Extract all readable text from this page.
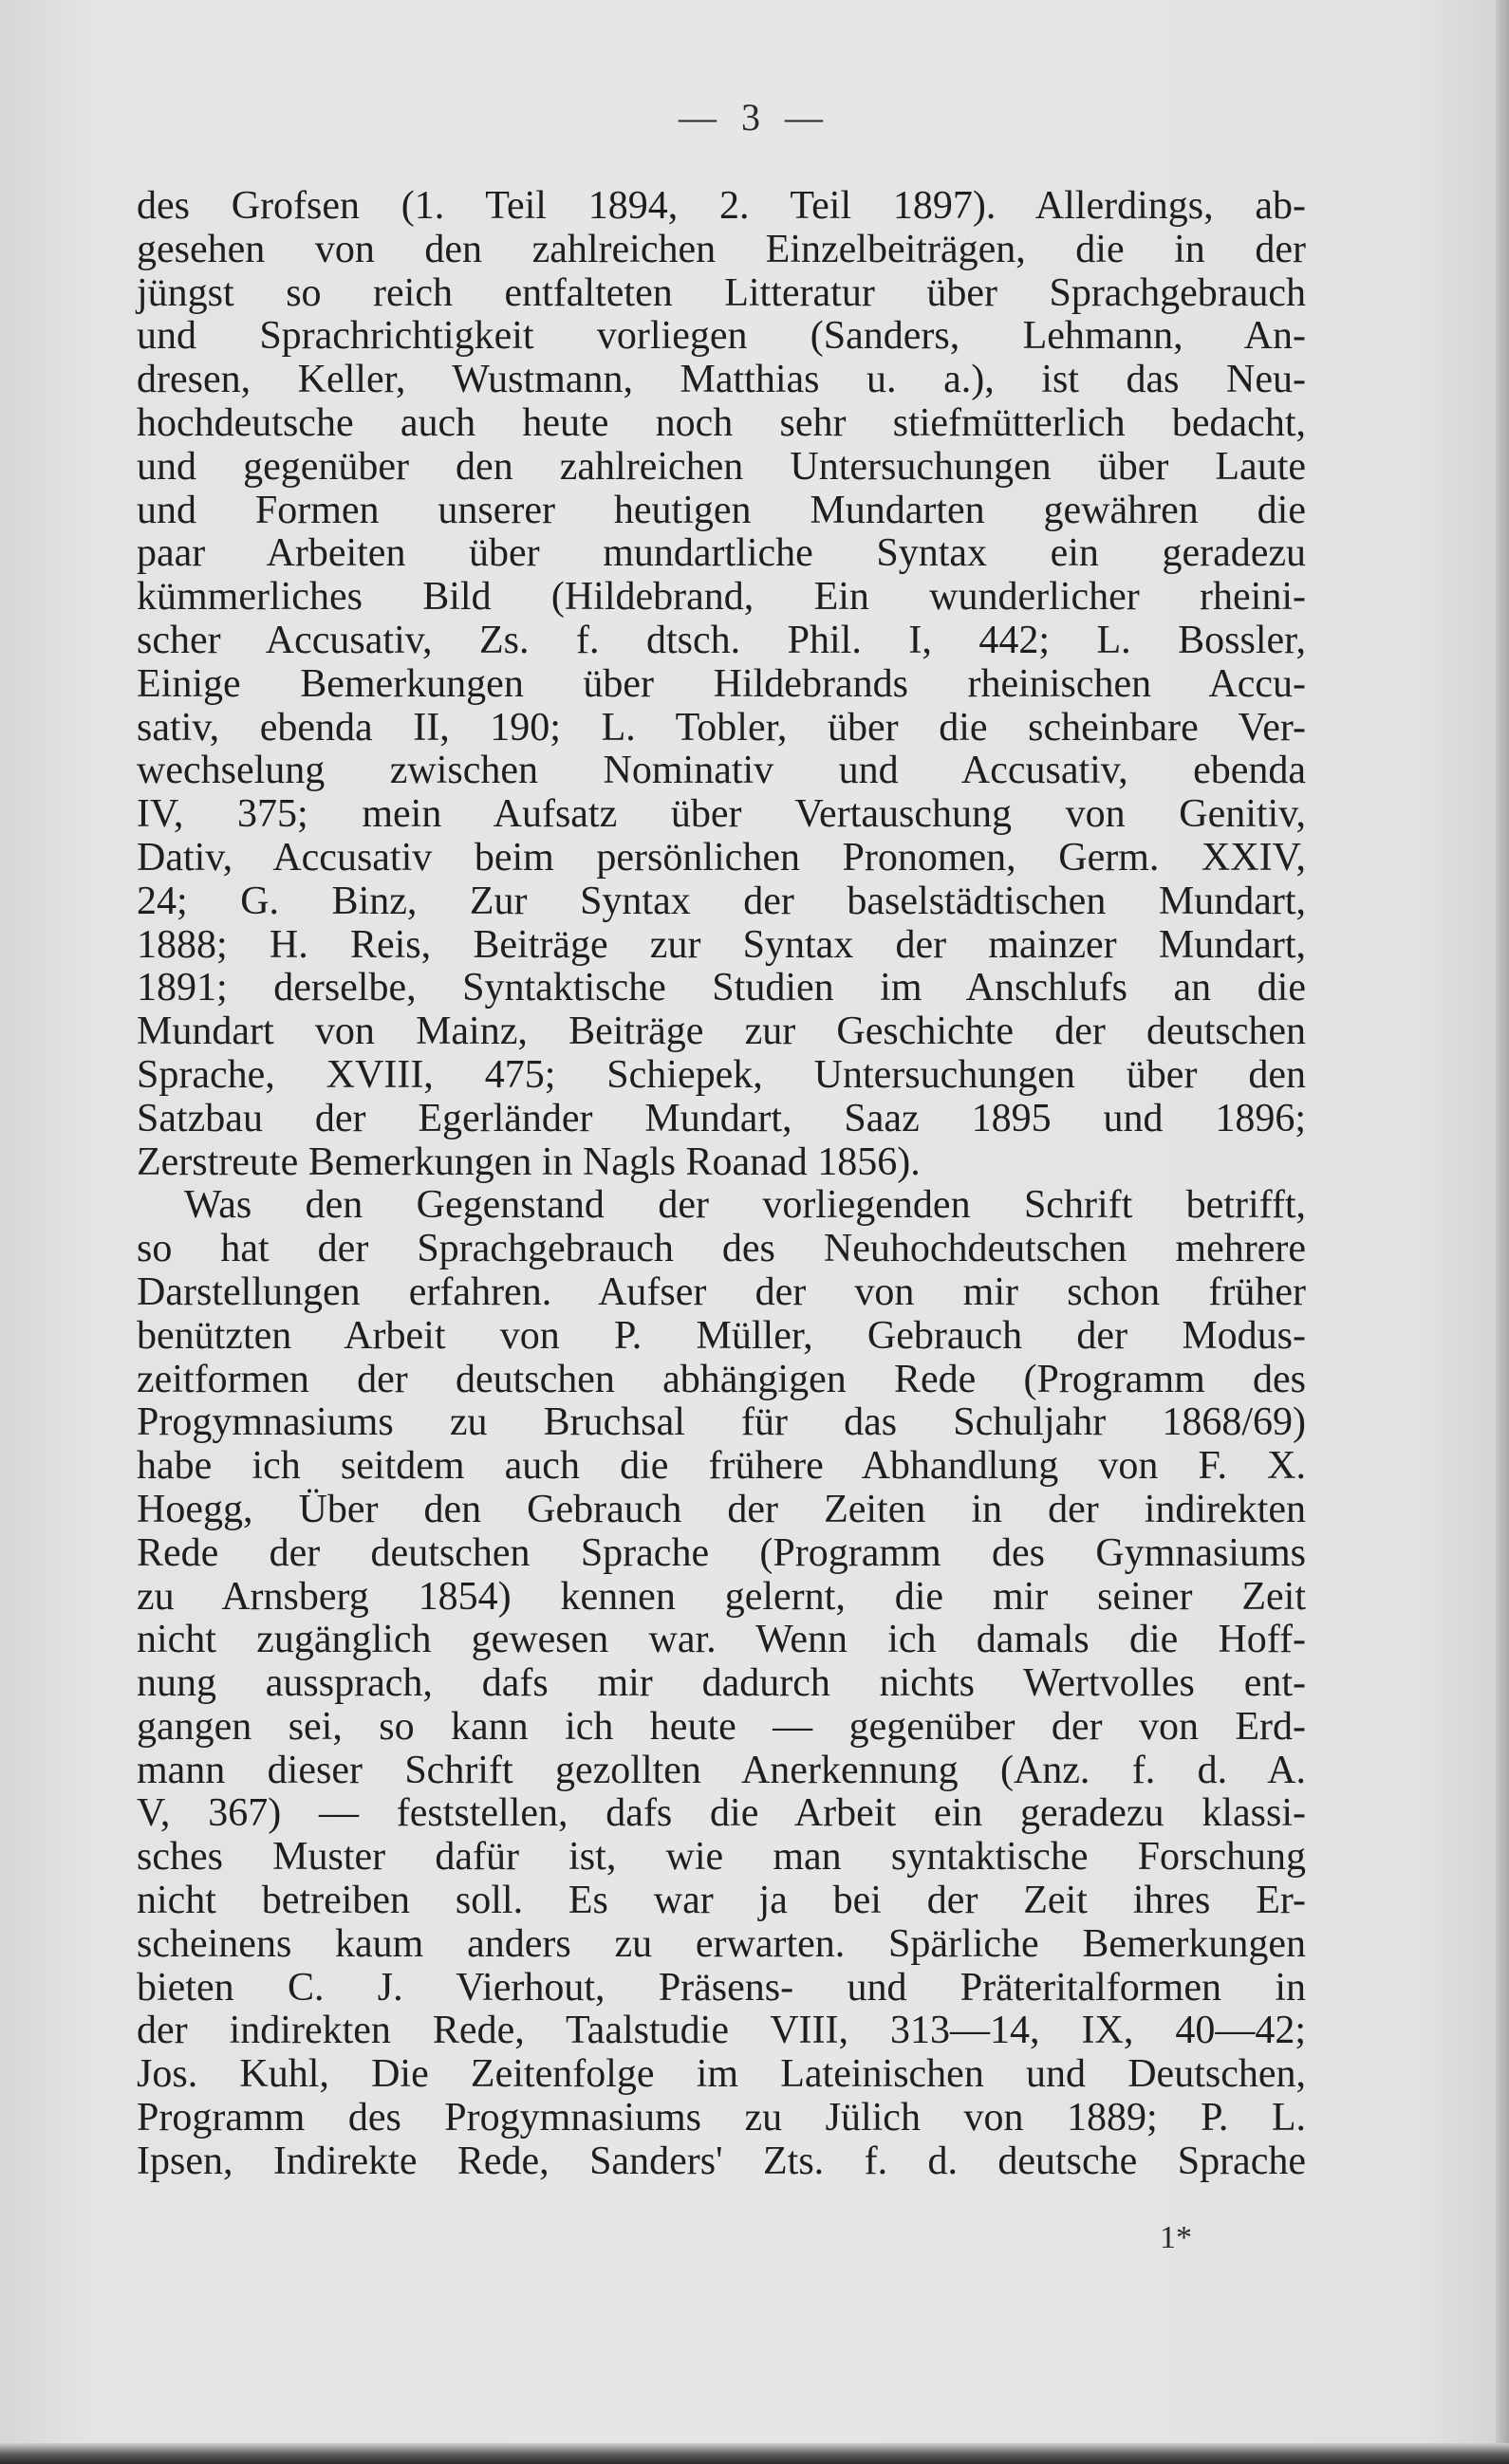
— 3 —
des Grofsen (1. Teil 1894, 2. Teil 1897). Allerdings, ab-
gesehen von den zahlreichen Einzelbeiträgen, die in der
jüngst so reich entfalteten Litteratur über Sprachgebrauch
und Sprachrichtigkeit vorliegen (Sanders, Lehmann, An-
dresen, Keller, Wustmann, Matthias u. a.), ist das Neu-
hochdeutsche auch heute noch sehr stiefmütterlich bedacht,
und gegenüber den zahlreichen Untersuchungen über Laute
und Formen unserer heutigen Mundarten gewähren die
paar Arbeiten über mundartliche Syntax ein geradezu
kümmerliches Bild (Hildebrand, Ein wunderlicher rheini-
scher Accusativ, Zs. f. dtsch. Phil. I, 442; L. Bossler,
Einige Bemerkungen über Hildebrands rheinischen Accu-
sativ, ebenda II, 190; L. Tobler, über die scheinbare Ver-
wechselung zwischen Nominativ und Accusativ, ebenda
IV, 375; mein Aufsatz über Vertauschung von Genitiv,
Dativ, Accusativ beim persönlichen Pronomen, Germ. XXIV,
24; G. Binz, Zur Syntax der baselstädtischen Mundart,
1888; H. Reis, Beiträge zur Syntax der mainzer Mundart,
1891; derselbe, Syntaktische Studien im Anschlufs an die
Mundart von Mainz, Beiträge zur Geschichte der deutschen
Sprache, XVIII, 475; Schiepek, Untersuchungen über den
Satzbau der Egerländer Mundart, Saaz 1895 und 1896;
Zerstreute Bemerkungen in Nagls Roanad 1856).
Was den Gegenstand der vorliegenden Schrift betrifft,
so hat der Sprachgebrauch des Neuhochdeutschen mehrere
Darstellungen erfahren. Aufser der von mir schon früher
benützten Arbeit von P. Müller, Gebrauch der Modus-
zeitformen der deutschen abhängigen Rede (Programm des
Progymnasiums zu Bruchsal für das Schuljahr 1868/69)
habe ich seitdem auch die frühere Abhandlung von F. X.
Hoegg, Über den Gebrauch der Zeiten in der indirekten
Rede der deutschen Sprache (Programm des Gymnasiums
zu Arnsberg 1854) kennen gelernt, die mir seiner Zeit
nicht zugänglich gewesen war. Wenn ich damals die Hoff-
nung aussprach, dafs mir dadurch nichts Wertvolles ent-
gangen sei, so kann ich heute — gegenüber der von Erd-
mann dieser Schrift gezollten Anerkennung (Anz. f. d. A.
V, 367) — feststellen, dafs die Arbeit ein geradezu klassi-
sches Muster dafür ist, wie man syntaktische Forschung
nicht betreiben soll. Es war ja bei der Zeit ihres Er-
scheinens kaum anders zu erwarten. Spärliche Bemerkungen
bieten C. J. Vierhout, Präsens- und Präteritalformen in
der indirekten Rede, Taalstudie VIII, 313—14, IX, 40—42;
Jos. Kuhl, Die Zeitenfolge im Lateinischen und Deutschen,
Programm des Progymnasiums zu Jülich von 1889; P. L.
Ipsen, Indirekte Rede, Sanders' Zts. f. d. deutsche Sprache
1*
